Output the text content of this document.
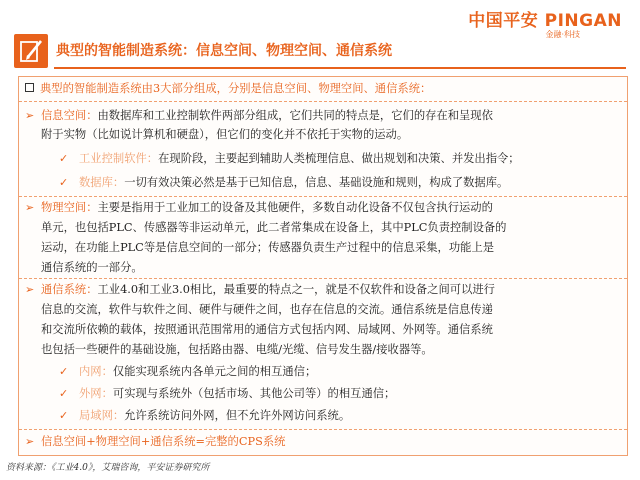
中国平安 PINGAN
金融·科技
典型的智能制造系统：信息空间、物理空间、通信系统
典型的智能制造系统由3大部分组成，分别是信息空间、物理空间、通信系统：
➢ 信息空间：由数据库和工业控制软件两部分组成，它们共同的特点是，它们的存在和呈现依
附于实物（比如说计算机和硬盘），但它们的变化并不依托于实物的运动。
✓ 工业控制软件：在现阶段，主要起到辅助人类梳理信息、做出规划和决策、并发出指令；
✓ 数据库：一切有效决策必然是基于已知信息，信息、基础设施和规则，构成了数据库。
➢ 物理空间：主要是指用于工业加工的设备及其他硬件，多数自动化设备不仅包含执行运动的
单元，也包括PLC、传感器等非运动单元，此二者常集成在设备上，其中PLC负责控制设备的
运动，在功能上PLC等是信息空间的一部分；传感器负责生产过程中的信息采集，功能上是
通信系统的一部分。
➢ 通信系统：工业4.0和工业3.0相比，最重要的特点之一，就是不仅软件和设备之间可以进行
信息的交流，软件与软件之间、硬件与硬件之间，也存在信息的交流。通信系统是信息传递
和交流所依赖的载体，按照通讯范围常用的通信方式包括内网、局域网、外网等。通信系统
也包括一些硬件的基础设施，包括路由器、电缆/光缆、信号发生器/接收器等。
✓ 内网：仅能实现系统内各单元之间的相互通信；
✓ 外网：可实现与系统外（包括市场、其他公司等）的相互通信；
✓ 局域网：允许系统访问外网，但不允许外网访问系统。
➢ 信息空间+物理空间+通信系统=完整的CPS系统
资料来源：《工业4.0》，艾瑞咨询，平安证券研究所
